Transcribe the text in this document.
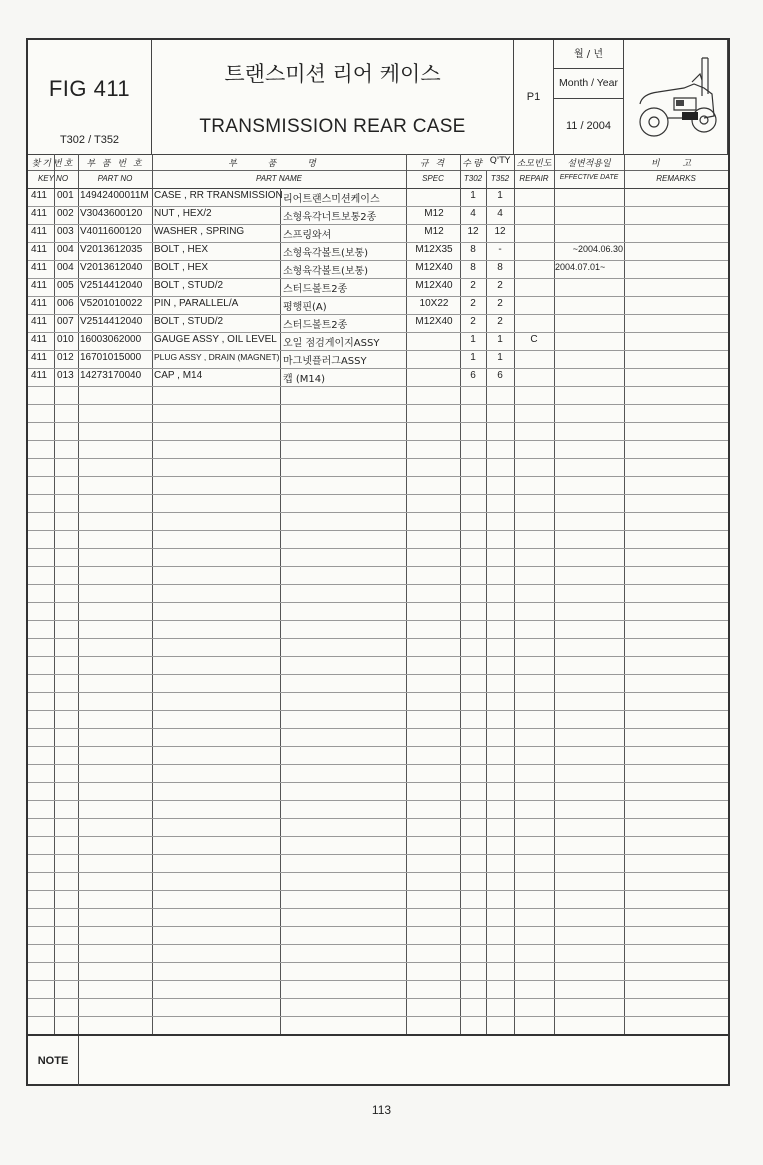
FIG 411
T302 / T352
트랜스미션 리어 케이스
TRANSMISSION REAR CASE
P1
월 / 년
Month / Year
11 / 2004
찾기번호
KEY NO
부 품 번 호
PART NO
부 품 명
PART NAME
규 격
SPEC
수량 Q'TY
T302	T352
소모빈도
REPAIR
설변적용일
EFFECTIVE DATE
비 고
REMARKS
411 001 14942400011M CASE , RR TRANSMISSION 리어트랜스미션케이스	1	1
411 002 V3043600120 NUT , HEX/2	소형육각너트보통2종	M12	4	4
411 003 V4011600120 WASHER , SPRING	스프링와셔	M12	12	12
411 004 V2013612035 BOLT , HEX	소형육각볼트(보통)	M12X35	8	-	~2004.06.30
411 004 V2013612040 BOLT , HEX	소형육각볼트(보통)	M12X40	8	8	2004.07.01~
411 005 V2514412040 BOLT , STUD/2	스터드볼트2종	M12X40	2	2
411 006 V5201010022 PIN , PARALLEL/A	평행핀(A)	10X22	2	2
411 007 V2514412040 BOLT , STUD/2	스터드볼트2종	M12X40	2	2
411 010 16003062000 GAUGE ASSY , OIL LEVEL 오일 점검게이지ASSY	1	1	C
411 012 16701015000 PLUG ASSY , DRAIN (MAGNET) 마그넷플러그ASSY	1	1
411 013 14273170040 CAP , M14	캡 (M14)	6	6
NOTE
113
